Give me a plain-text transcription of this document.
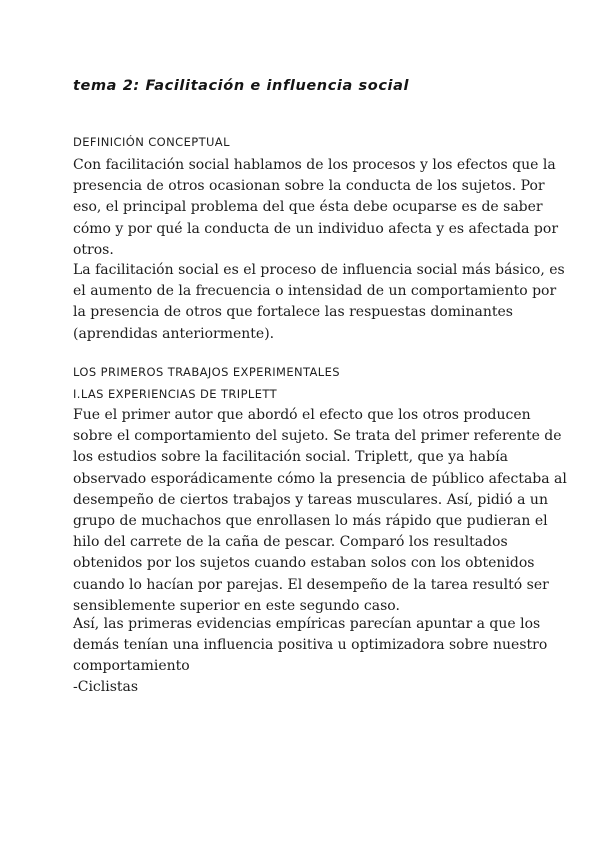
tema 2: Facilitación e influencia social
DEFINICIÓN CONCEPTUAL

Con facilitación social hablamos de los procesos y los efectos que la
presencia de otros ocasionan sobre la conducta de los sujetos. Por
eso, el principal problema del que ésta debe ocuparse es de saber
cómo y por qué la conducta de un individuo afecta y es afectada por
otros.

La facilitación social es el proceso de influencia social más básico, es
el aumento de la frecuencia o intensidad de un comportamiento por
la presencia de otros que fortalece las respuestas dominantes
(aprendidas anteriormente).

LOS PRIMEROS TRABAJOS EXPERIMENTALES
I.LAS EXPERIENCIAS DE TRIPLETT

Fue el primer autor que abordó el efecto que los otros producen
sobre el comportamiento del sujeto. Se trata del primer referente de
los estudios sobre la facilitación social. Triplett, que ya había
observado esporádicamente cómo la presencia de público afectaba al
desempeño de ciertos trabajos y tareas musculares. Así, pidió a un
grupo de muchachos que enrollasen lo más rápido que pudieran el
hilo del carrete de la caña de pescar. Comparó los resultados
obtenidos por los sujetos cuando estaban solos con los obtenidos
cuando lo hacían por parejas. El desempeño de la tarea resultó ser
sensiblemente superior en este segundo caso.

Así, las primeras evidencias empíricas parecían apuntar a que los
demás tenían una influencia positiva u optimizadora sobre nuestro
comportamiento

-Ciclistas
